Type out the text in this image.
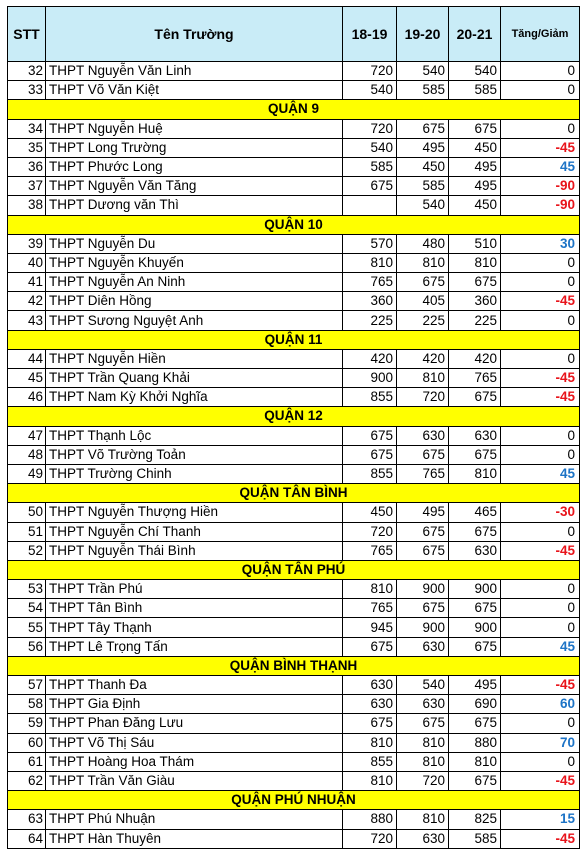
STT	Tên Trường	18-19	19-20	20-21	Tăng/Giảm
32	THPT Nguyễn Văn Linh	720	540	540	0
33	THPT Võ Văn Kiệt	540	585	585	0
QUẬN 9					
34	THPT Nguyễn Huệ	720	675	675	0
35	THPT Long Trường	540	495	450	-45
36	THPT Phước Long	585	450	495	45
37	THPT Nguyễn Văn Tăng	675	585	495	-90
38	THPT Dương văn Thì		540	450	-90
QUẬN 10					
39	THPT Nguyễn Du	570	480	510	30
40	THPT Nguyễn Khuyến	810	810	810	0
41	THPT Nguyễn An Ninh	765	675	675	0
42	THPT Diên Hồng	360	405	360	-45
43	THPT Sương Nguyệt Anh	225	225	225	0
QUẬN 11					
44	THPT Nguyễn Hiền	420	420	420	0
45	THPT Trần Quang Khải	900	810	765	-45
46	THPT Nam Kỳ Khởi Nghĩa	855	720	675	-45
QUẬN 12					
47	THPT Thạnh Lộc	675	630	630	0
48	THPT Võ Trường Toản	675	675	675	0
49	THPT Trường Chinh	855	765	810	45
QUẬN TÂN BÌNH					
50	THPT Nguyễn Thượng Hiền	450	495	465	-30
51	THPT Nguyễn Chí Thanh	720	675	675	0
52	THPT Nguyễn Thái Bình	765	675	630	-45
QUẬN TÂN PHÚ					
53	THPT Trần Phú	810	900	900	0
54	THPT Tân Bình	765	675	675	0
55	THPT Tây Thạnh	945	900	900	0
56	THPT Lê Trọng Tấn	675	630	675	45
QUẬN BÌNH THẠNH					
57	THPT Thanh Đa	630	540	495	-45
58	THPT Gia Định	630	630	690	60
59	THPT Phan Đăng Lưu	675	675	675	0
60	THPT Võ Thị Sáu	810	810	880	70
61	THPT Hoàng Hoa Thám	855	810	810	0
62	THPT Trần Văn Giàu	810	720	675	-45
QUẬN PHÚ NHUẬN					
63	THPT Phú Nhuận	880	810	825	15
64	THPT Hàn Thuyên	720	630	585	-45
